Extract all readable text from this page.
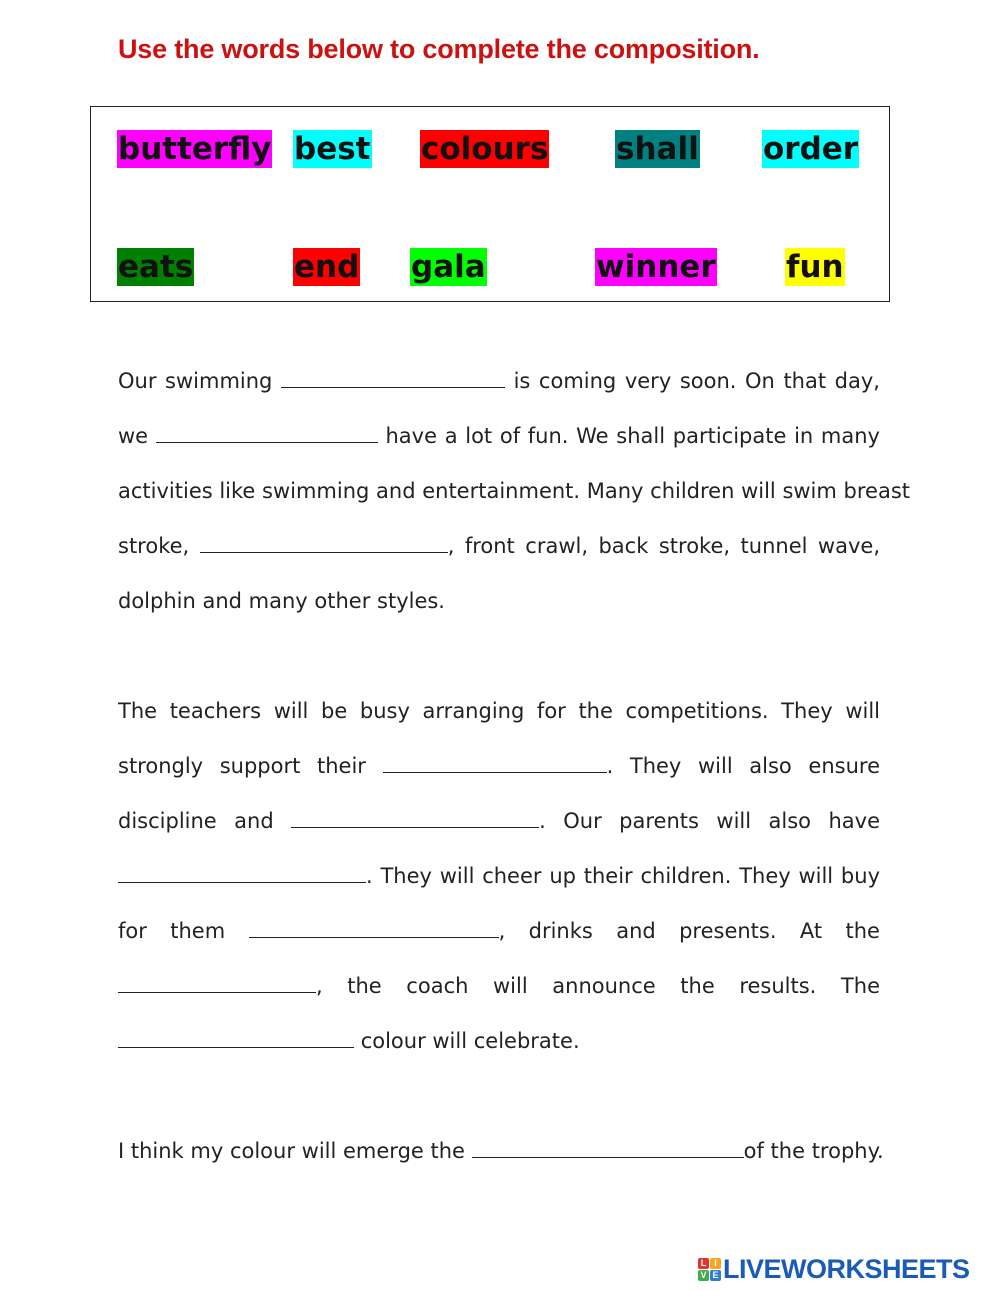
Use the words below to complete the composition.
butterfly best colours shall order
eats	end gala	winner fun
Our swimming	is coming very soon. On that day,
we	have a lot of fun. We shall participate in many
activities like swimming and entertainment. Many children will swim breast
stroke,	, front crawl, back stroke, tunnel wave,
dolphin and many other styles.
The teachers will be busy arranging for the competitions. They will
strongly support their	. They will also ensure
discipline and	. Our parents will also have
. They will cheer up their children. They will buy
for them	, drinks and presents. At the
, the coach will announce the results. The
colour will celebrate.
I think my colour will emerge the	of the trophy.
L I
V E LIVEWORKSHEETS
